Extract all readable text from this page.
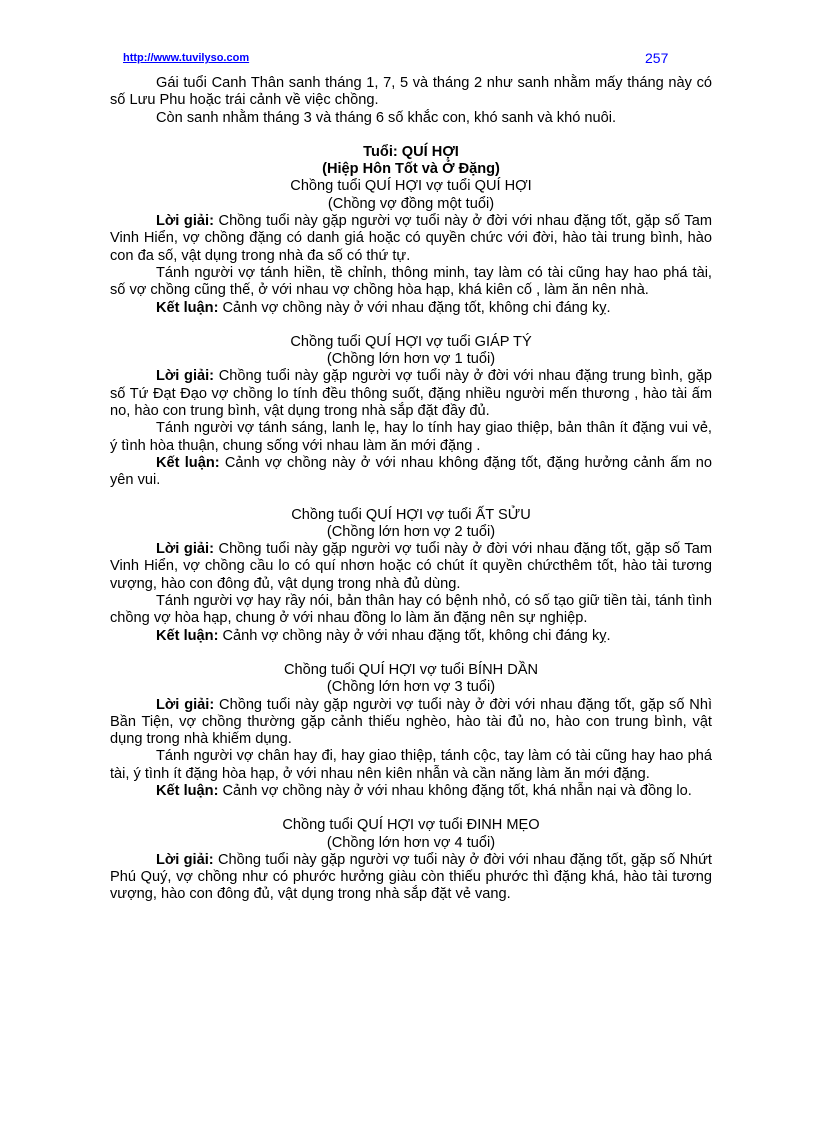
http://www.tuvilyso.com	257

Gái tuổi Canh Thân sanh tháng 1, 7, 5 và tháng 2 như sanh nhằm mấy tháng này có số Lưu Phu hoặc trái cảnh về việc chồng.

Còn sanh nhằm tháng 3 và tháng 6 số khắc con, khó sanh và khó nuôi.

Tuổi: QUÍ HỢI
(Hiệp Hôn Tốt và Ở Đặng)
Chồng tuổi QUÍ HỢI vợ tuổi QUÍ HỢI
(Chồng vợ đồng một tuổi)

Lời giải: Chồng tuổi này gặp người vợ tuổi này ở đời với nhau đặng tốt, gặp số Tam Vinh Hiển, vợ chồng đặng có danh giá hoặc có quyền chức với đời, hào tài trung bình, hào con đa số, vật dụng trong nhà đa số có thứ tự.

Tánh người vợ tánh hiền, tề chỉnh, thông minh, tay làm có tài cũng hay hao phá tài, số vợ chồng cũng thế, ở với nhau vợ chồng hòa hạp, khá kiên cố , làm ăn nên nhà.

Kết luận: Cảnh vợ chồng này ở với nhau đặng tốt, không chi đáng kỵ.

Chồng tuổi QUÍ HỢI vợ tuổi GIÁP TÝ
(Chồng lớn hơn vợ 1 tuổi)

Lời giải: Chồng tuổi này gặp người vợ tuổi này ở đời với nhau đặng trung bình, gặp số Tứ Đạt Đạo vợ chồng lo tính đều thông suốt, đặng nhiều người mến thương , hào tài ấm no, hào con trung bình, vật dụng trong nhà sắp đặt đầy đủ.

Tánh người vợ tánh sáng, lanh lẹ, hay lo tính hay giao thiệp, bản thân ít đặng vui vẻ, ý tình hòa thuận, chung sống với nhau làm ăn mới đặng .

Kết luận: Cảnh vợ chồng này ở với nhau không đặng tốt, đặng hưởng cảnh ấm no yên vui.

Chồng tuổi QUÍ HỢI vợ tuổi ẤT SỬU
(Chồng lớn hơn vợ 2 tuổi)

Lời giải: Chồng tuổi này gặp người vợ tuổi này ở đời với nhau đặng tốt, gặp số Tam Vinh Hiển, vợ chồng cầu lo có quí nhơn hoặc có chút ít quyền chứcthêm tốt, hào tài tương vượng, hào con đông đủ, vật dụng trong nhà đủ dùng.

Tánh người vợ hay rầy nói, bản thân hay có bệnh nhỏ, có số tạo giữ tiền tài, tánh tình chồng vợ hòa hạp, chung ở với nhau đồng lo làm ăn đặng nên sự nghiệp.

Kết luận: Cảnh vợ chồng này ở với nhau đặng tốt, không chi đáng kỵ.

Chồng tuổi QUÍ HỢI vợ tuổi BÍNH DẦN
(Chồng lớn hơn vợ 3 tuổi)

Lời giải: Chồng tuổi này gặp người vợ tuổi này ở đời với nhau đặng tốt, gặp số Nhì Bần Tiện, vợ chồng thường gặp cảnh thiếu nghèo, hào tài đủ no, hào con trung bình, vật dụng trong nhà khiếm dụng.

Tánh người vợ chân hay đi, hay giao thiệp, tánh cộc, tay làm có tài cũng hay hao phá tài, ý tình ít đặng hòa hạp, ở với nhau nên kiên nhẫn và cần năng làm ăn mới đặng.

Kết luận: Cảnh vợ chồng này ở với nhau không đặng tốt, khá nhẫn nại và đồng lo.

Chồng tuổi QUÍ HỢI vợ tuổi ĐINH MẸO
(Chồng lớn hơn vợ 4 tuổi)

Lời giải: Chồng tuổi này gặp người vợ tuổi này ở đời với nhau đặng tốt, gặp số Nhứt Phú Quý, vợ chồng như có phước hưởng giàu còn thiếu phước thì đặng khá, hào tài tương vượng, hào con đông đủ, vật dụng trong nhà sắp đặt vẻ vang.
